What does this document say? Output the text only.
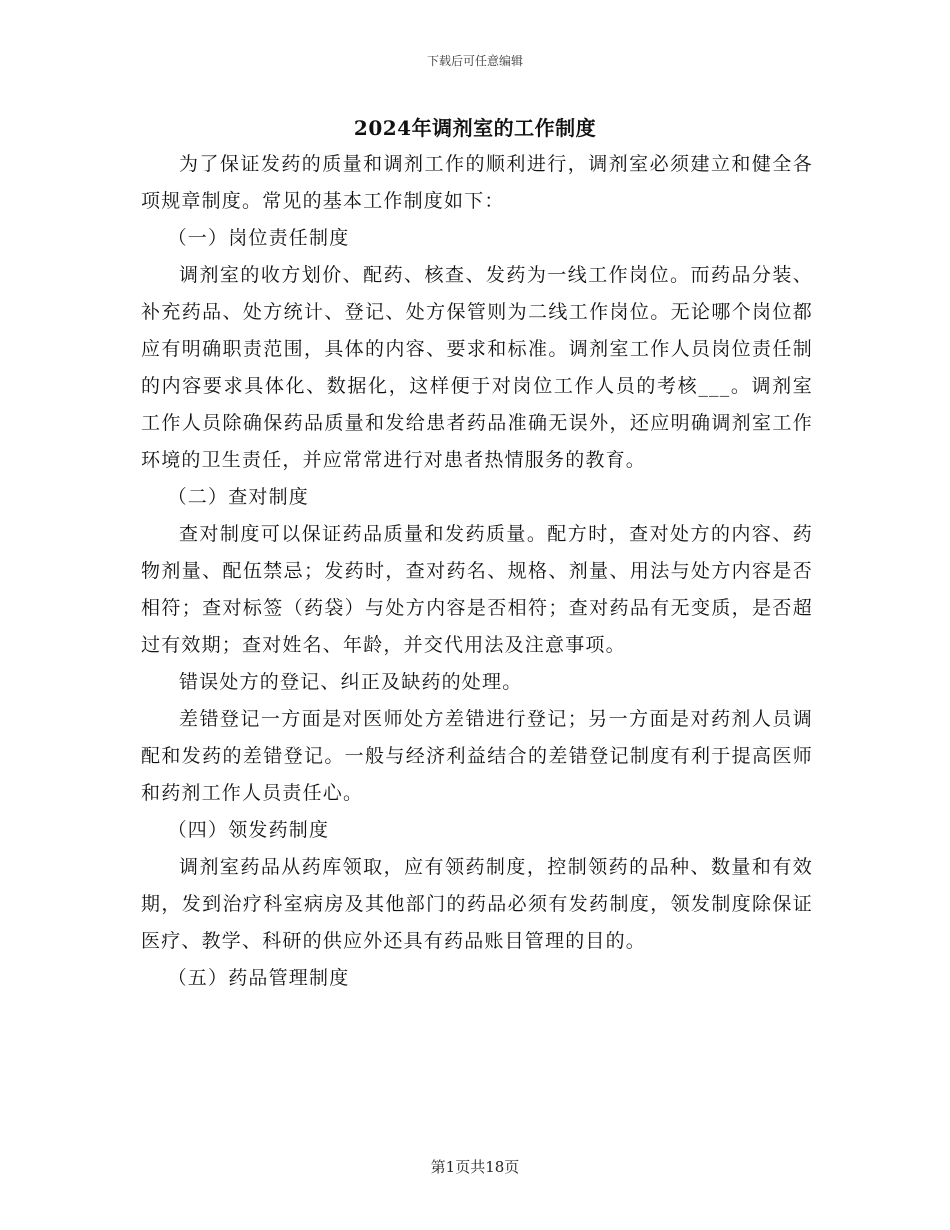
下载后可任意编辑
2024年调剂室的工作制度

为了保证发药的质量和调剂工作的顺利进行，调剂室必须建立和健全各项规章制度。常见的基本工作制度如下：

（一）岗位责任制度

调剂室的收方划价、配药、核查、发药为一线工作岗位。而药品分装、补充药品、处方统计、登记、处方保管则为二线工作岗位。无论哪个岗位都应有明确职责范围，具体的内容、要求和标准。调剂室工作人员岗位责任制的内容要求具体化、数据化，这样便于对岗位工作人员的考核___。调剂室工作人员除确保药品质量和发给患者药品准确无误外，还应明确调剂室工作环境的卫生责任，并应常常进行对患者热情服务的教育。

（二）查对制度

查对制度可以保证药品质量和发药质量。配方时，查对处方的内容、药物剂量、配伍禁忌；发药时，查对药名、规格、剂量、用法与处方内容是否相符；查对标签（药袋）与处方内容是否相符；查对药品有无变质，是否超过有效期；查对姓名、年龄，并交代用法及注意事项。

错误处方的登记、纠正及缺药的处理。

差错登记一方面是对医师处方差错进行登记；另一方面是对药剂人员调配和发药的差错登记。一般与经济利益结合的差错登记制度有利于提高医师和药剂工作人员责任心。

（四）领发药制度

调剂室药品从药库领取，应有领药制度，控制领药的品种、数量和有效期，发到治疗科室病房及其他部门的药品必须有发药制度，领发制度除保证医疗、教学、科研的供应外还具有药品账目管理的目的。

（五）药品管理制度

第1页共18页
